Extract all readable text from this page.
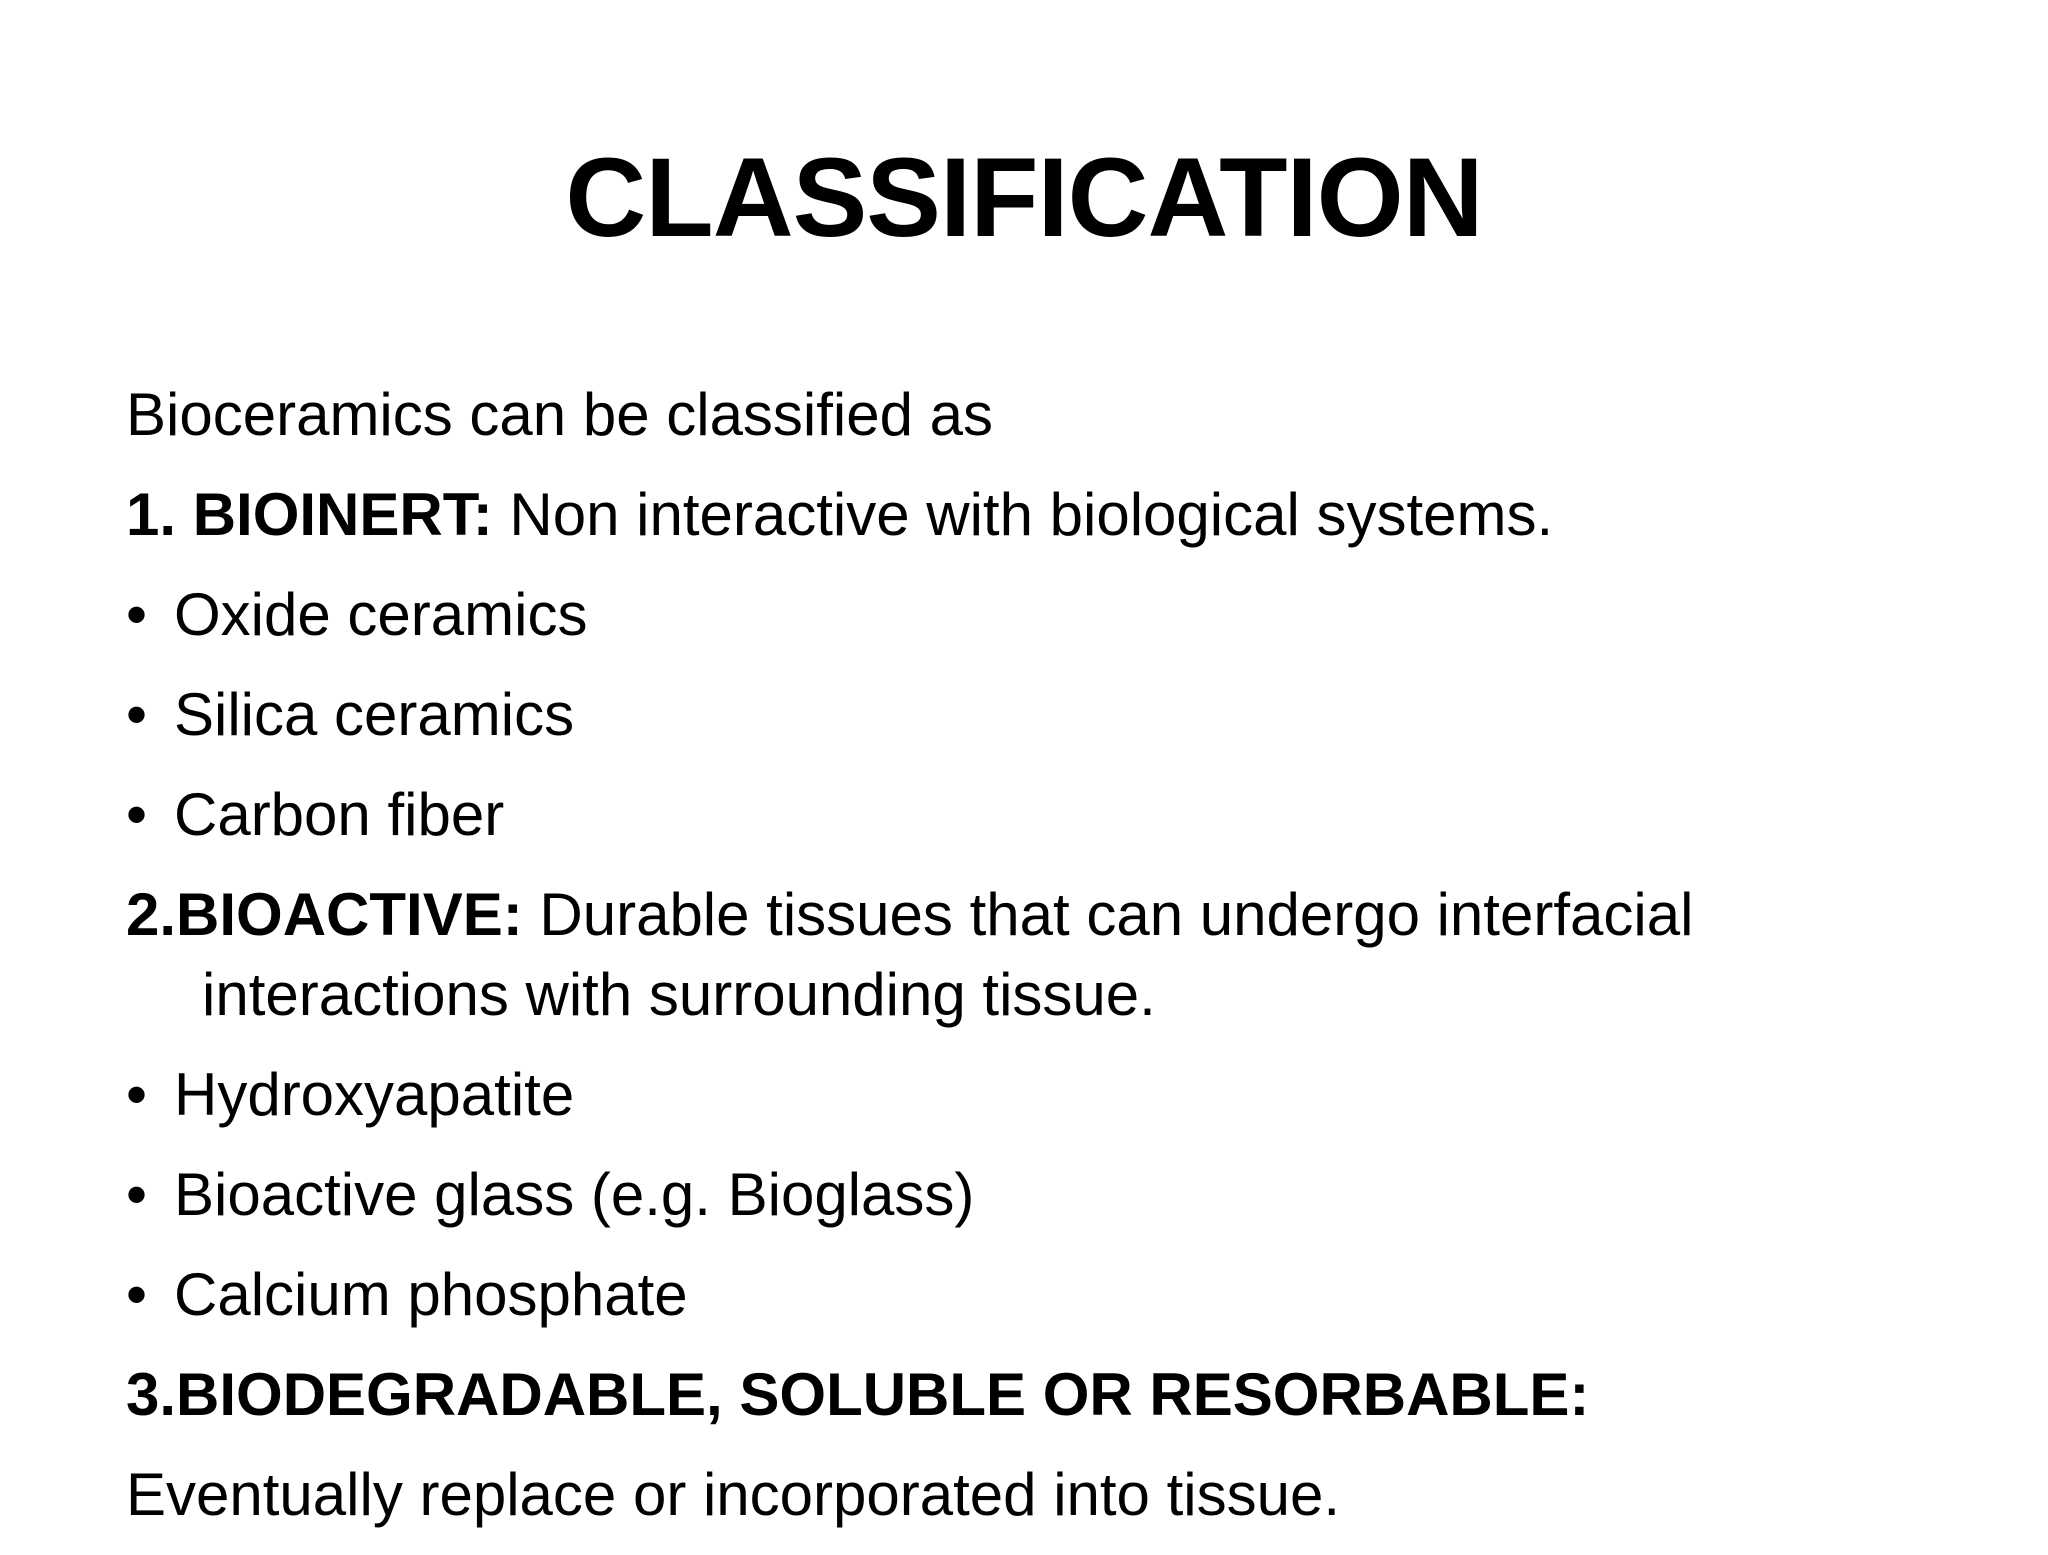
CLASSIFICATION
Bioceramics can be classified as
1. BIOINERT: Non interactive with biological systems.
• Oxide ceramics
• Silica ceramics
• Carbon fiber
2.BIOACTIVE: Durable tissues that can undergo interfacial
interactions with surrounding tissue.
• Hydroxyapatite
• Bioactive glass (e.g. Bioglass)
• Calcium phosphate
3.BIODEGRADABLE, SOLUBLE OR RESORBABLE:
Eventually replace or incorporated into tissue.
